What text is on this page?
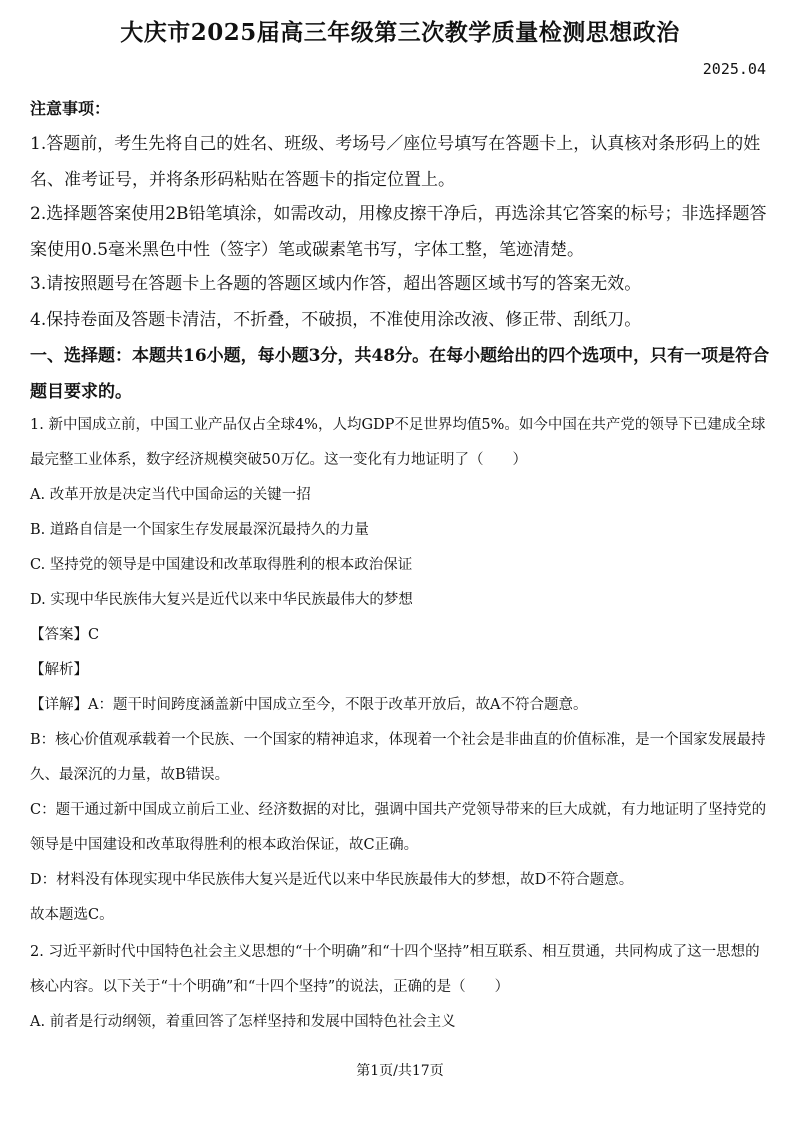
大庆市2025届高三年级第三次教学质量检测思想政治
2025.04
注意事项：

1.答题前，考生先将自己的姓名、班级、考场号／座位号填写在答题卡上，认真核对条形码上的姓名、准考证号，并将条形码粘贴在答题卡的指定位置上。

2.选择题答案使用2B铅笔填涂，如需改动，用橡皮擦干净后，再选涂其它答案的标号；非选择题答案使用0.5毫米黑色中性（签字）笔或碳素笔书写，字体工整，笔迹清楚。

3.请按照题号在答题卡上各题的答题区域内作答，超出答题区域书写的答案无效。

4.保持卷面及答题卡清洁，不折叠，不破损，不准使用涂改液、修正带、刮纸刀。

一、选择题：本题共16小题，每小题3分，共48分。在每小题给出的四个选项中，只有一项是符合题目要求的。

1. 新中国成立前，中国工业产品仅占全球4%，人均GDP不足世界均值5%。如今中国在共产党的领导下已建成全球最完整工业体系，数字经济规模突破50万亿。这一变化有力地证明了（　　）

A. 改革开放是决定当代中国命运的关键一招

B. 道路自信是一个国家生存发展最深沉最持久的力量

C. 坚持党的领导是中国建设和改革取得胜利的根本政治保证

D. 实现中华民族伟大复兴是近代以来中华民族最伟大的梦想

【答案】C

【解析】

【详解】A：题干时间跨度涵盖新中国成立至今，不限于改革开放后，故A不符合题意。

B：核心价值观承载着一个民族、一个国家的精神追求，体现着一个社会是非曲直的价值标准，是一个国家发展最持久、最深沉的力量，故B错误。

C：题干通过新中国成立前后工业、经济数据的对比，强调中国共产党领导带来的巨大成就，有力地证明了坚持党的领导是中国建设和改革取得胜利的根本政治保证，故C正确。

D：材料没有体现实现中华民族伟大复兴是近代以来中华民族最伟大的梦想，故D不符合题意。

故本题选C。

2. 习近平新时代中国特色社会主义思想的“十个明确”和“十四个坚持”相互联系、相互贯通，共同构成了这一思想的核心内容。以下关于“十个明确”和“十四个坚持”的说法，正确的是（　　）

A. 前者是行动纲领，着重回答了怎样坚持和发展中国特色社会主义

第1页/共17页
